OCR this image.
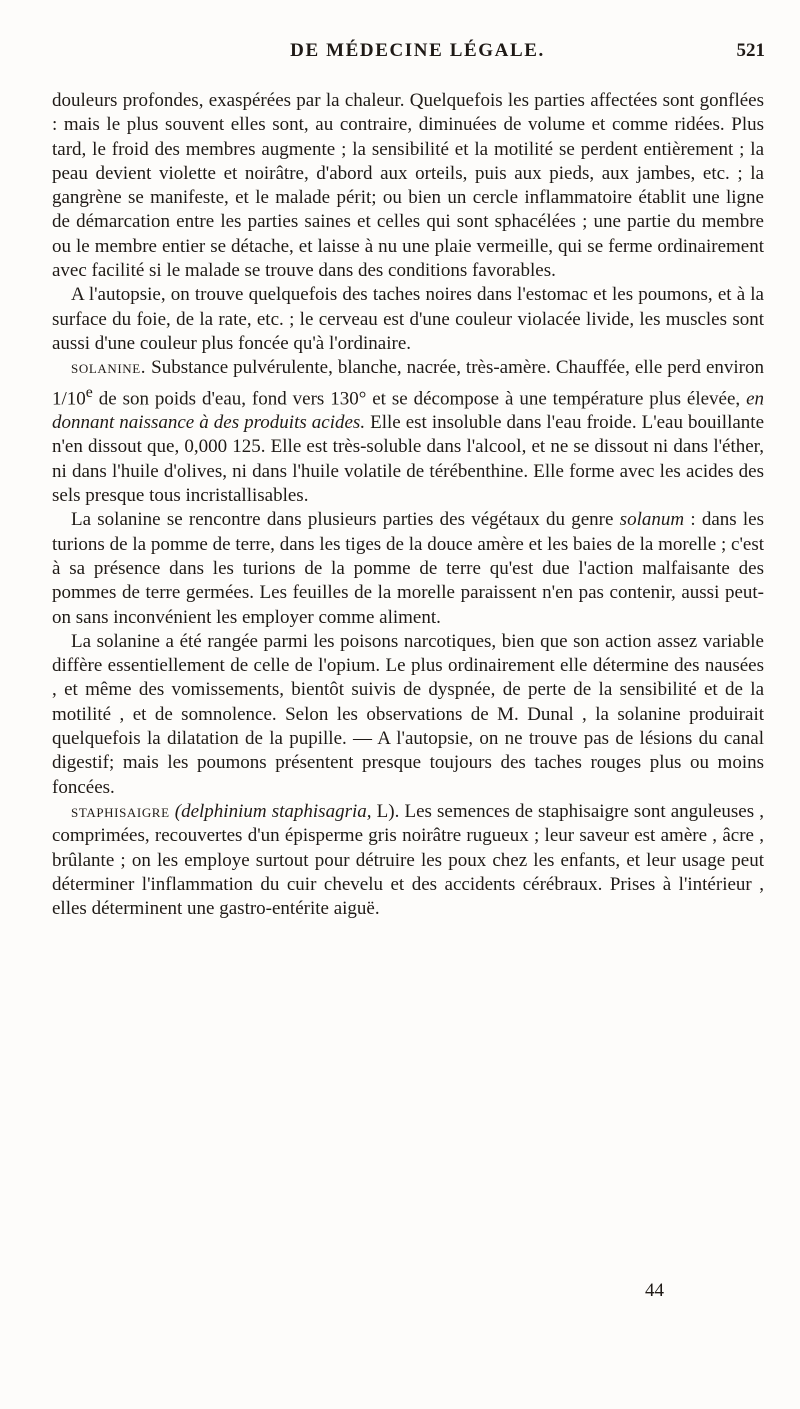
DE MÉDECINE LÉGALE.	521

douleurs profondes, exaspérées par la chaleur. Quelquefois les parties affectées sont gonflées : mais le plus souvent elles sont, au contraire, diminuées de volume et comme ridées. Plus tard, le froid des membres augmente ; la sensibilité et la motilité se perdent entièrement ; la peau devient violette et noirâtre, d'abord aux orteils, puis aux pieds, aux jambes, etc. ; la gangrène se manifeste, et le malade périt; ou bien un cercle inflammatoire établit une ligne de démarcation entre les parties saines et celles qui sont sphacélées ; une partie du membre ou le membre entier se détache, et laisse à nu une plaie vermeille, qui se ferme ordinairement avec facilité si le malade se trouve dans des conditions favorables.

A l'autopsie, on trouve quelquefois des taches noires dans l'estomac et les poumons, et à la surface du foie, de la rate, etc. ; le cerveau est d'une couleur violacée livide, les muscles sont aussi d'une couleur plus foncée qu'à l'ordinaire.

solanine. Substance pulvérulente, blanche, nacrée, très-amère. Chauffée, elle perd environ 1/10e de son poids d'eau, fond vers 130° et se décompose à une température plus élevée, en donnant naissance à des produits acides. Elle est insoluble dans l'eau froide. L'eau bouillante n'en dissout que, 0,000 125. Elle est très-soluble dans l'alcool, et ne se dissout ni dans l'éther, ni dans l'huile d'olives, ni dans l'huile volatile de térébenthine. Elle forme avec les acides des sels presque tous incristallisables.

La solanine se rencontre dans plusieurs parties des végétaux du genre solanum : dans les turions de la pomme de terre, dans les tiges de la douce amère et les baies de la morelle ; c'est à sa présence dans les turions de la pomme de terre qu'est due l'action malfaisante des pommes de terre germées. Les feuilles de la morelle paraissent n'en pas contenir, aussi peut-on sans inconvénient les employer comme aliment.

La solanine a été rangée parmi les poisons narcotiques, bien que son action assez variable diffère essentiellement de celle de l'opium. Le plus ordinairement elle détermine des nausées , et même des vomissements, bientôt suivis de dyspnée, de perte de la sensibilité et de la motilité , et de somnolence. Selon les observations de M. Dunal , la solanine produirait quelquefois la dilatation de la pupille. — A l'autopsie, on ne trouve pas de lésions du canal digestif; mais les poumons présentent presque toujours des taches rouges plus ou moins foncées.

staphisaigre (delphinium staphisagria, L). Les semences de staphisaigre sont anguleuses , comprimées, recouvertes d'un épisperme gris noirâtre rugueux ; leur saveur est amère , âcre , brûlante ; on les employe surtout pour détruire les poux chez les enfants, et leur usage peut déterminer l'inflammation du cuir chevelu et des accidents cérébraux. Prises à l'intérieur , elles déterminent une gastro-entérite aiguë.

44
